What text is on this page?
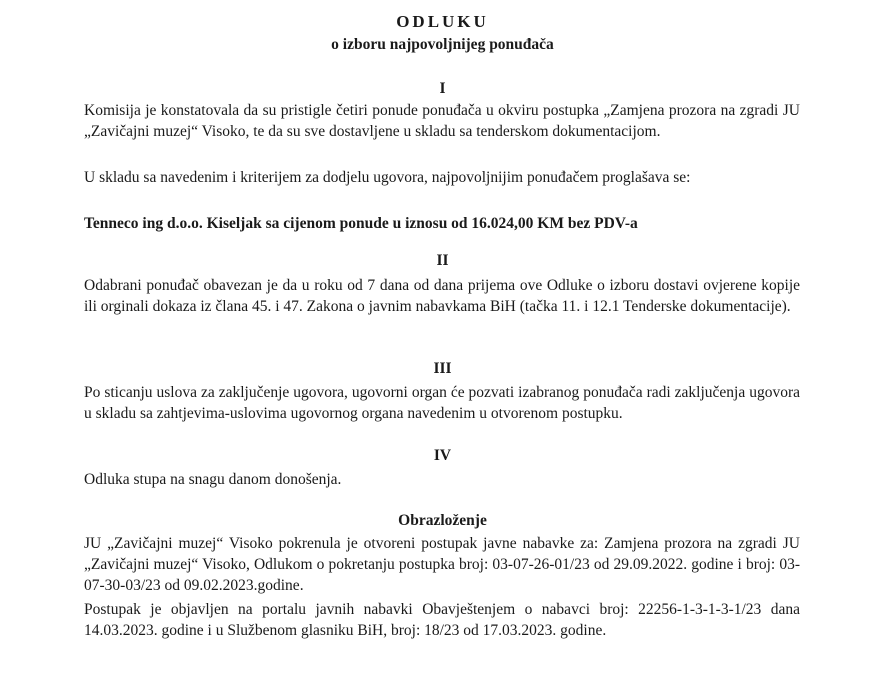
ODLUKU
o izboru najpovoljnijeg ponuđača
I

Komisija je konstatovala da su pristigle četiri ponude ponuđača u okviru postupka „Zamjena prozora na zgradi JU „Zavičajni muzej“ Visoko, te da su sve dostavljene u skladu sa tenderskom dokumentacijom.

U skladu sa navedenim i kriterijem za dodjelu ugovora, najpovoljnijim ponuđačem proglašava se:

Tenneco ing d.o.o. Kiseljak sa cijenom ponude u iznosu od 16.024,00 KM bez PDV-a

II

Odabrani ponuđač obavezan je da u roku od 7 dana od dana prijema ove Odluke o izboru dostavi ovjerene kopije ili orginali dokaza iz člana 45. i 47. Zakona o javnim nabavkama BiH (tačka 11. i 12.1 Tenderske dokumentacije).

III

Po sticanju uslova za zaključenje ugovora, ugovorni organ će pozvati izabranog ponuđača radi zaključenja ugovora u skladu sa zahtjevima-uslovima ugovornog organa navedenim u otvorenom postupku.

IV

Odluka stupa na snagu danom donošenja.

Obrazloženje

JU „Zavičajni muzej“ Visoko pokrenula je otvoreni postupak javne nabavke za: Zamjena prozora na zgradi JU „Zavičajni muzej“ Visoko, Odlukom o pokretanju postupka broj: 03-07-26-01/23 od 29.09.2022. godine i broj: 03-07-30-03/23 od 09.02.2023.godine.

Postupak je objavljen na portalu javnih nabavki Obavještenjem o nabavci broj: 22256-1-3-1-3-1/23 dana 14.03.2023. godine i u Službenom glasniku BiH, broj: 18/23 od 17.03.2023. godine.
